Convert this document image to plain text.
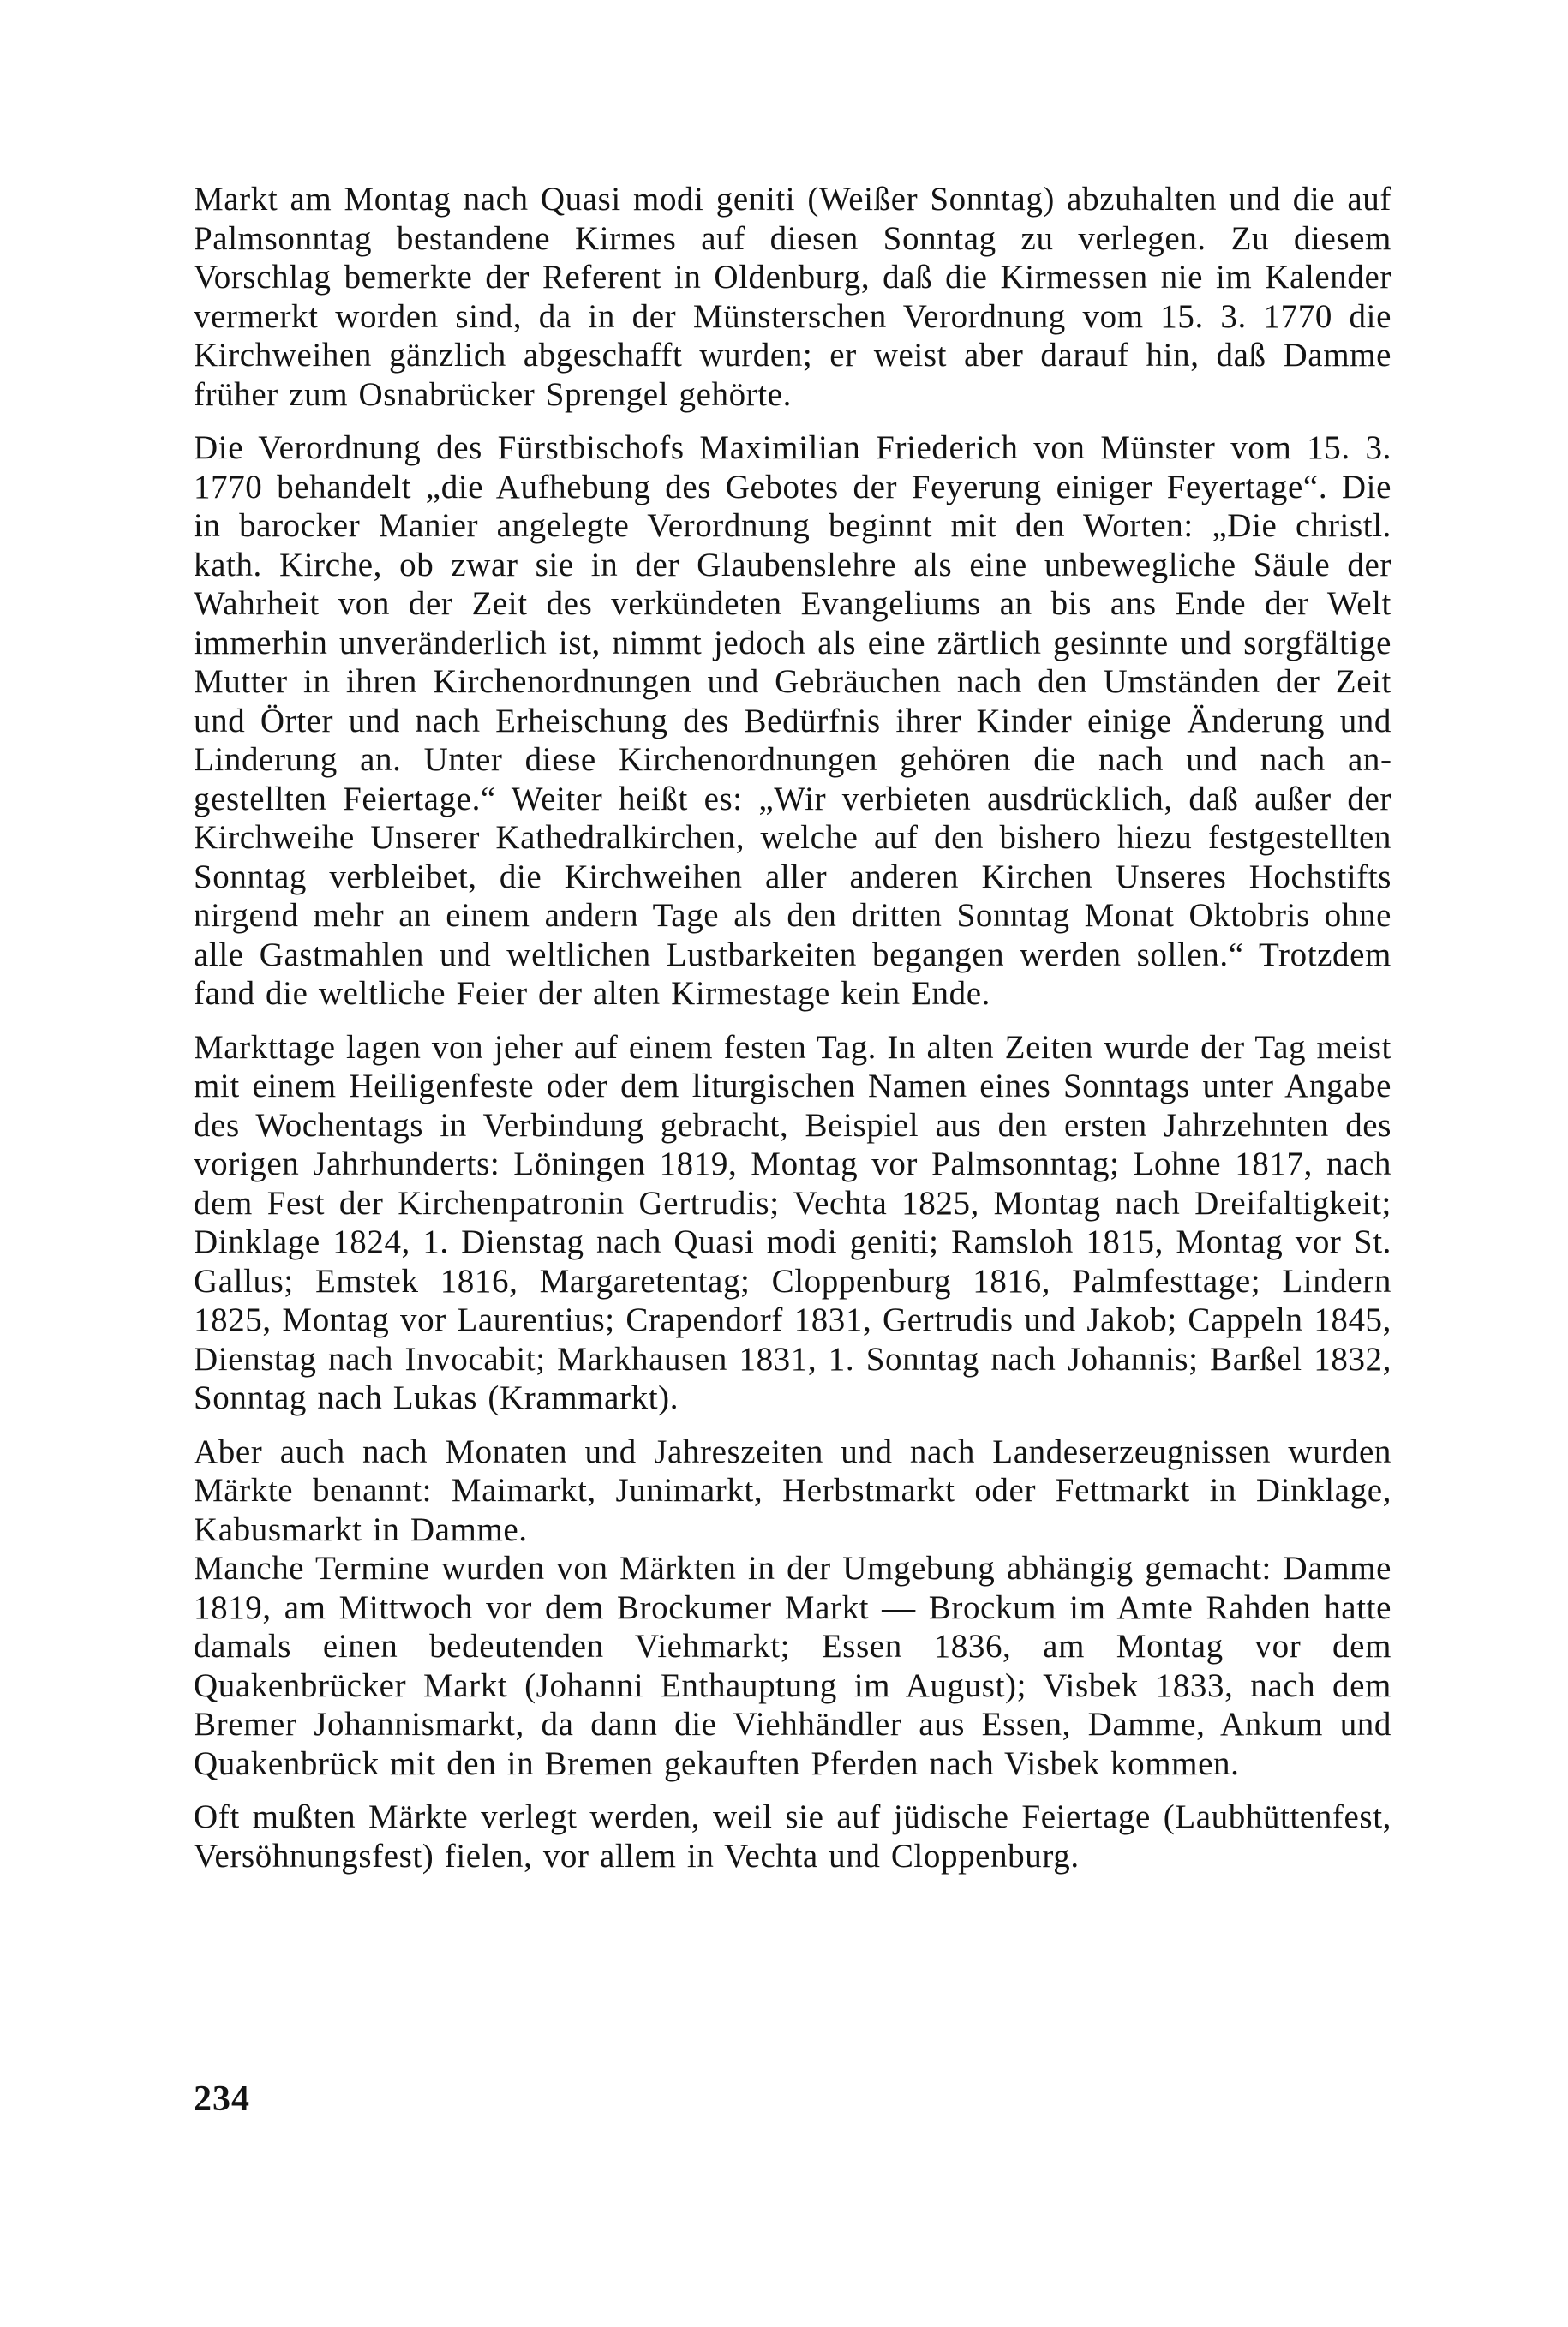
Markt am Montag nach Quasi modi geniti (Weißer Sonntag) abzuhalten und die auf Palmsonntag bestandene Kirmes auf diesen Sonntag zu verlegen. Zu diesem Vorschlag bemerkte der Referent in Oldenburg, daß die Kirmessen nie im Kalender vermerkt worden sind, da in der Münsterschen Verordnung vom 15. 3. 1770 die Kirchweihen gänzlich abgeschafft wurden; er weist aber darauf hin, daß Damme früher zum Osnabrücker Sprengel gehörte.

Die Verordnung des Fürstbischofs Maximilian Friederich von Münster vom 15. 3. 1770 behandelt „die Aufhebung des Gebotes der Feyerung einiger Feyertage“. Die in barocker Manier angelegte Verordnung beginnt mit den Worten: „Die christl. kath. Kirche, ob zwar sie in der Glaubenslehre als eine unbewegliche Säule der Wahrheit von der Zeit des verkündeten Evangeliums an bis ans Ende der Welt immerhin unveränderlich ist, nimmt jedoch als eine zärtlich gesinnte und sorgfältige Mutter in ihren Kirchenordnungen und Gebräuchen nach den Umständen der Zeit und Örter und nach Erheischung des Bedürfnis ihrer Kinder einige Änderung und Linderung an. Unter diese Kirchenordnungen gehören die nach und nach angestellten Feiertage.“ Weiter heißt es: „Wir verbieten ausdrücklich, daß außer der Kirchweihe Unserer Kathedralkirchen, welche auf den bishero hiezu festgestellten Sonntag verbleibet, die Kirchweihen aller anderen Kirchen Unseres Hochstifts nirgend mehr an einem andern Tage als den dritten Sonntag Monat Oktobris ohne alle Gastmahlen und weltlichen Lustbarkeiten begangen werden sollen.“ Trotzdem fand die weltliche Feier der alten Kirmestage kein Ende.

Markttage lagen von jeher auf einem festen Tag. In alten Zeiten wurde der Tag meist mit einem Heiligenfeste oder dem liturgischen Namen eines Sonntags unter Angabe des Wochentags in Verbindung gebracht, Beispiel aus den ersten Jahrzehnten des vorigen Jahrhunderts: Löningen 1819, Montag vor Palmsonntag; Lohne 1817, nach dem Fest der Kirchenpatronin Gertrudis; Vechta 1825, Montag nach Dreifaltigkeit; Dinklage 1824, 1. Dienstag nach Quasi modi geniti; Ramsloh 1815, Montag vor St. Gallus; Emstek 1816, Margaretentag; Cloppenburg 1816, Palmfesttage; Lindern 1825, Montag vor Laurentius; Crapendorf 1831, Gertrudis und Jakob; Cappeln 1845, Dienstag nach Invocabit; Markhausen 1831, 1. Sonntag nach Johannis; Barßel 1832, Sonntag nach Lukas (Krammarkt).

Aber auch nach Monaten und Jahreszeiten und nach Landeserzeugnissen wurden Märkte benannt: Maimarkt, Junimarkt, Herbstmarkt oder Fettmarkt in Dinklage, Kabusmarkt in Damme.

Manche Termine wurden von Märkten in der Umgebung abhängig gemacht: Damme 1819, am Mittwoch vor dem Brockumer Markt — Brockum im Amte Rahden hatte damals einen bedeutenden Viehmarkt; Essen 1836, am Montag vor dem Quakenbrücker Markt (Johanni Enthauptung im August); Visbek 1833, nach dem Bremer Johannismarkt, da dann die Viehhändler aus Essen, Damme, Ankum und Quakenbrück mit den in Bremen gekauften Pferden nach Visbek kommen.

Oft mußten Märkte verlegt werden, weil sie auf jüdische Feiertage (Laubhüttenfest, Versöhnungsfest) fielen, vor allem in Vechta und Cloppenburg.

234
